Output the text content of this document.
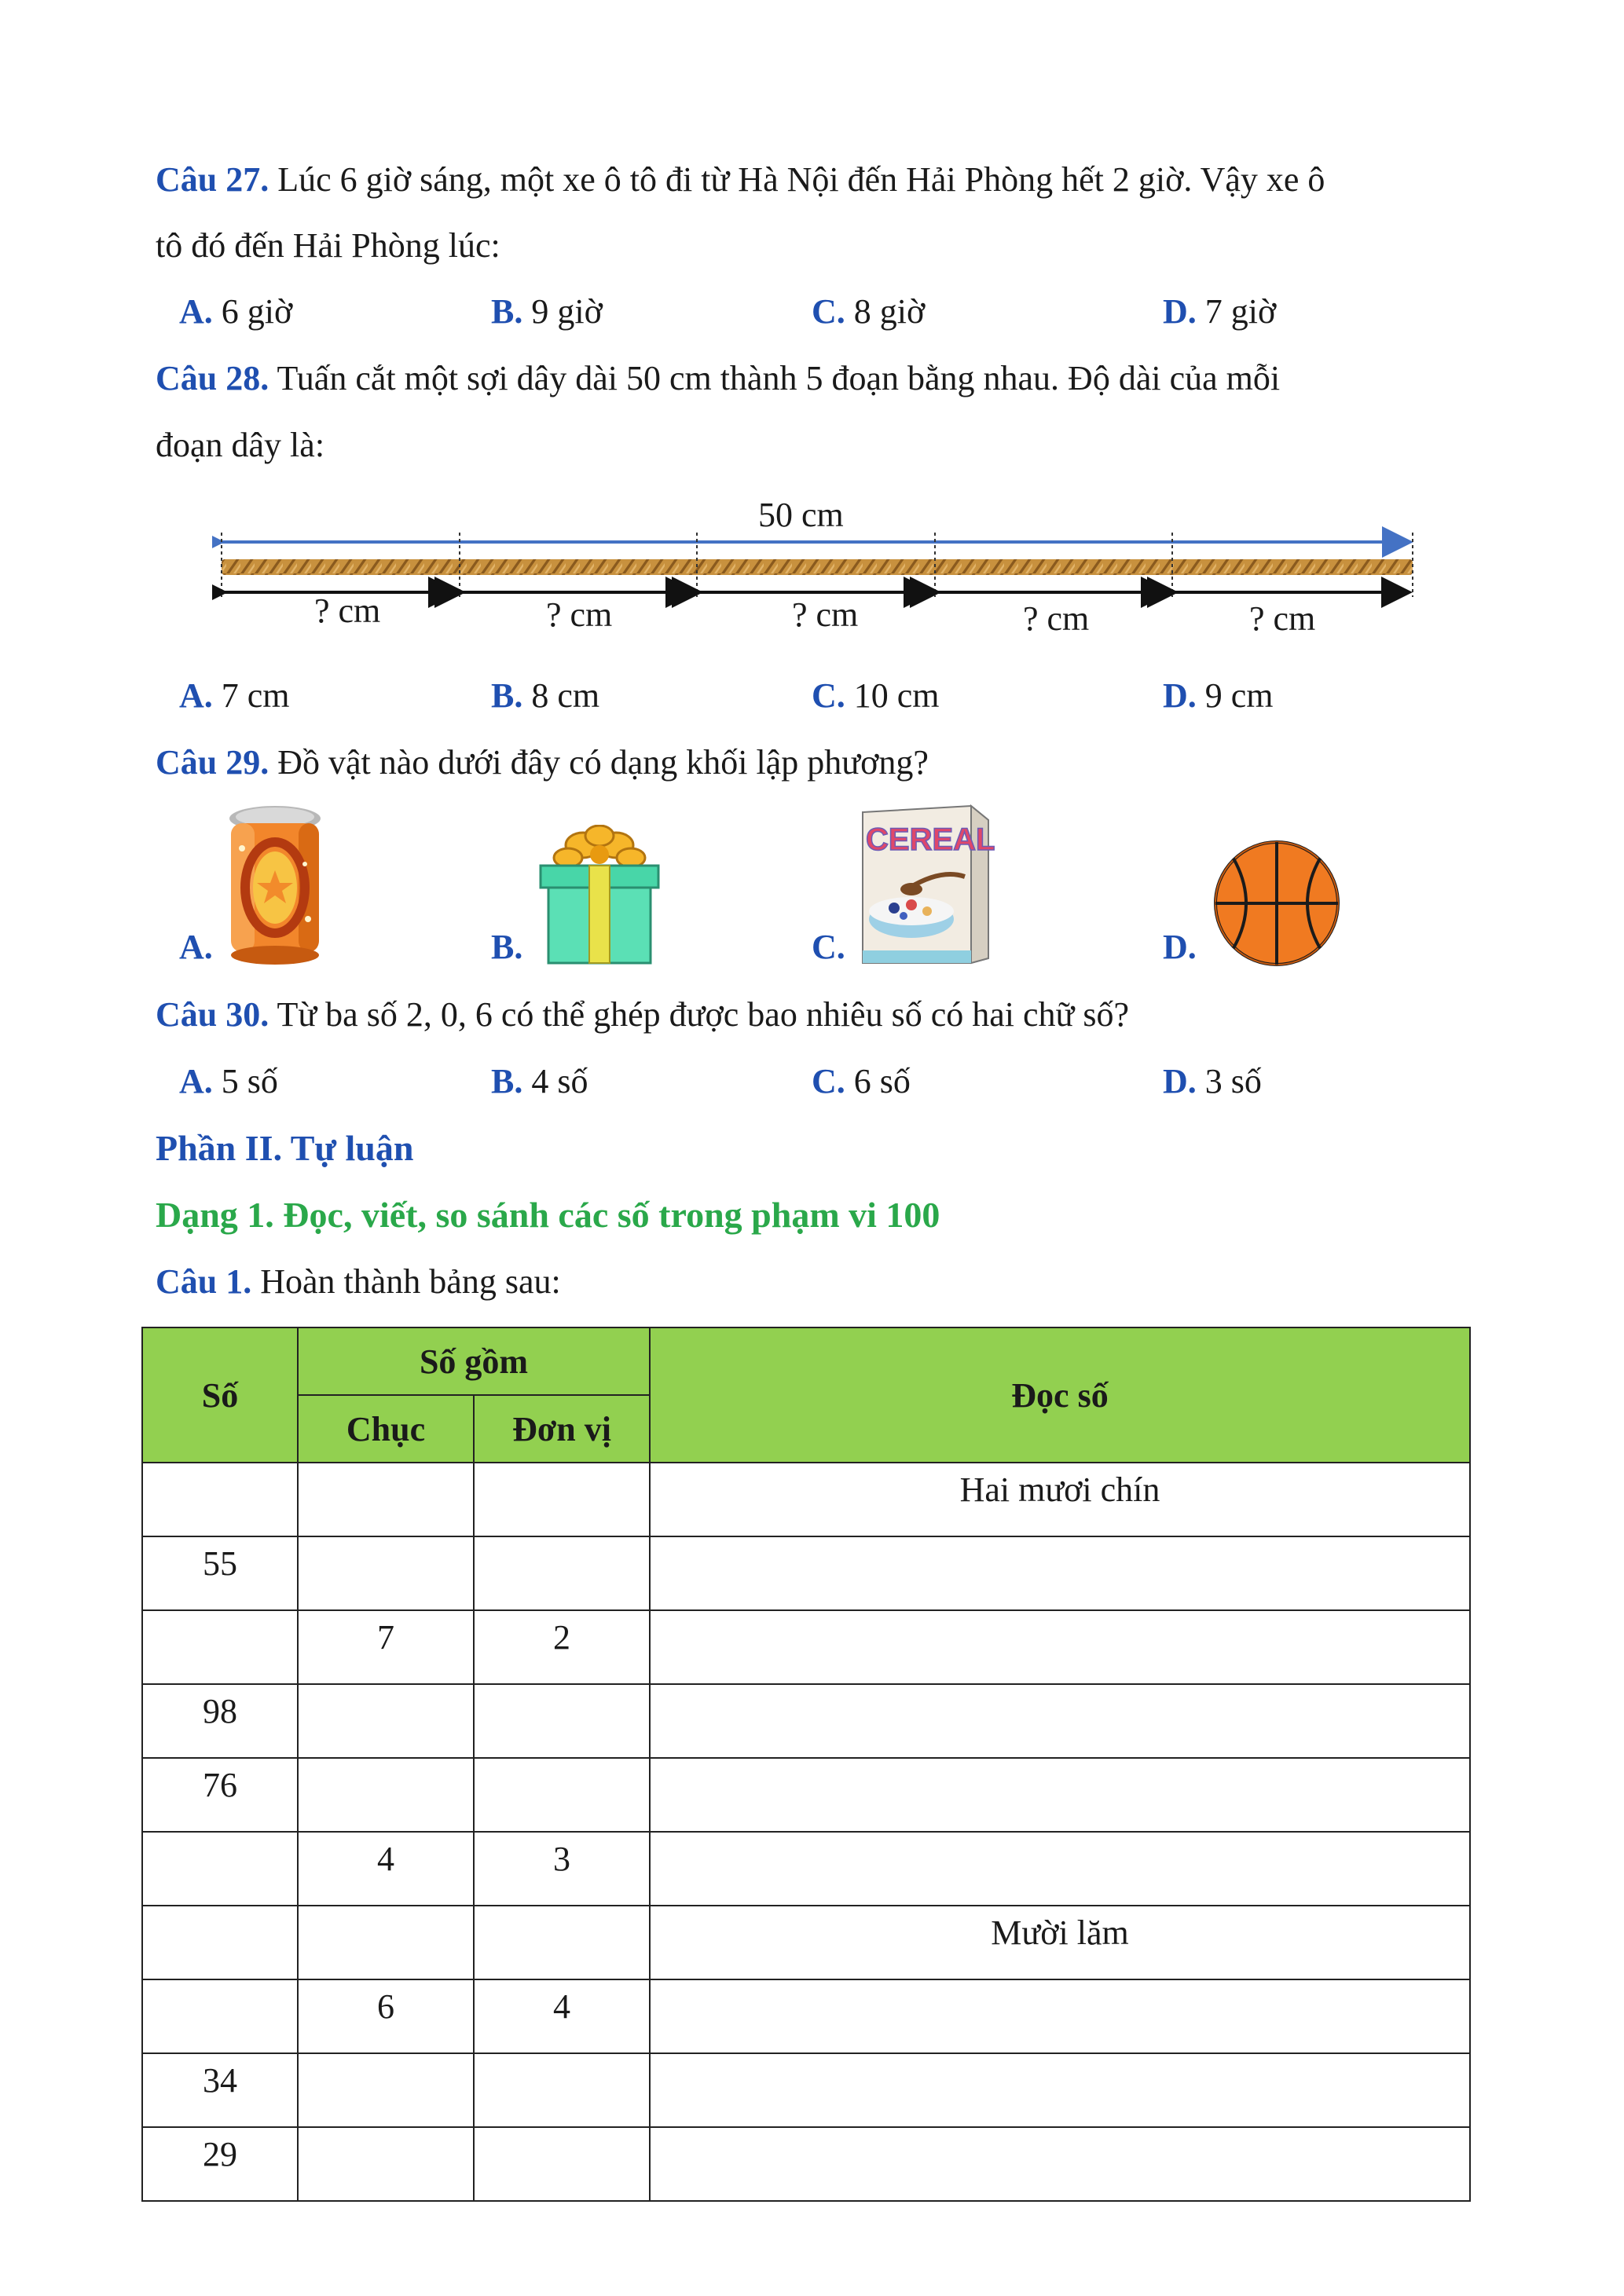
Câu 27. Lúc 6 giờ sáng, một xe ô tô đi từ Hà Nội đến Hải Phòng hết 2 giờ. Vậy xe ô
tô đó đến Hải Phòng lúc:
A. 6 giờ	B. 9 giờ	C. 8 giờ	D. 7 giờ
Câu 28. Tuấn cắt một sợi dây dài 50 cm thành 5 đoạn bằng nhau. Độ dài của mỗi
đoạn dây là:
50 cm
? cm	? cm	? cm	? cm	? cm
A. 7 cm	B. 8 cm	C. 10 cm	D. 9 cm
Câu 29. Đồ vật nào dưới đây có dạng khối lập phương?
A.	B.	C.	D.
CEREAL
Câu 30. Từ ba số 2, 0, 6 có thể ghép được bao nhiêu số có hai chữ số?
A. 5 số	B. 4 số	C. 6 số	D. 3 số
Phần II. Tự luận
Dạng 1. Đọc, viết, so sánh các số trong phạm vi 100
Câu 1. Hoàn thành bảng sau:
Số	Số gồm		Đọc số
	Chục	Đơn vị	
			Hai mươi chín
55			
	7	2	
98			
76			
	4	3	
			Mười lăm
	6	4	
34			
29			
